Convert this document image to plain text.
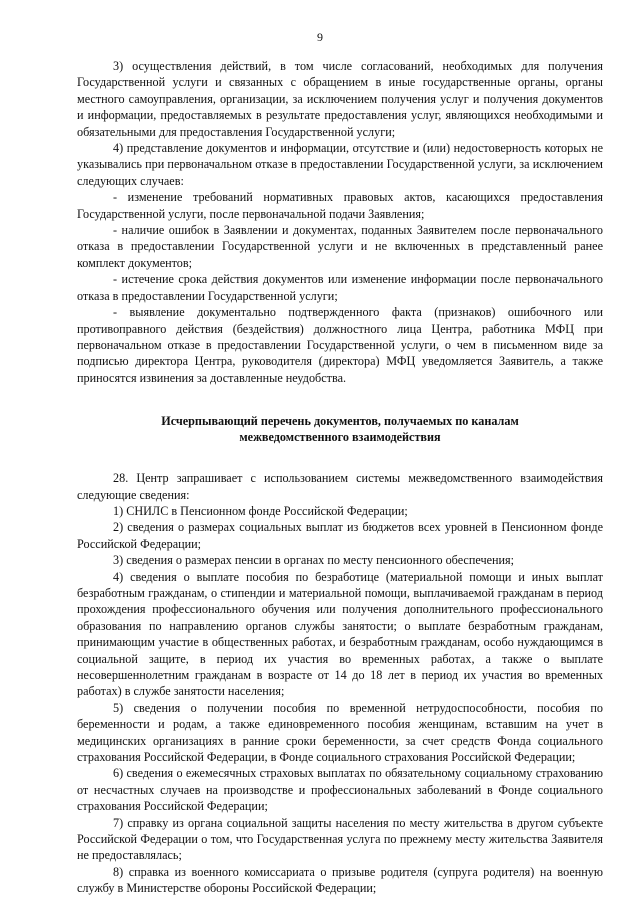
9

3) осуществления действий, в том числе согласований, необходимых для получения Государственной услуги и связанных с обращением в иные государственные органы, органы местного самоуправления, организации, за исключением получения услуг и получения документов и информации, предоставляемых в результате предоставления услуг, являющихся необходимыми и обязательными для предоставления Государственной услуги;

4) представление документов и информации, отсутствие и (или) недостоверность которых не указывались при первоначальном отказе в предоставлении Государственной услуги, за исключением следующих случаев:

- изменение требований нормативных правовых актов, касающихся предоставления Государственной услуги, после первоначальной подачи Заявления;

- наличие ошибок в Заявлении и документах, поданных Заявителем после первоначального отказа в предоставлении Государственной услуги и не включенных в представленный ранее комплект документов;

- истечение срока действия документов или изменение информации после первоначального отказа в предоставлении Государственной услуги;

- выявление документально подтвержденного факта (признаков) ошибочного или противоправного действия (бездействия) должностного лица Центра, работника МФЦ при первоначальном отказе в предоставлении Государственной услуги, о чем в письменном виде за подписью директора Центра, руководителя (директора) МФЦ уведомляется Заявитель, а также приносятся извинения за доставленные неудобства.

Исчерпывающий перечень документов, получаемых по каналам
межведомственного взаимодействия

28. Центр запрашивает с использованием системы межведомственного взаимодействия следующие сведения:

1) СНИЛС в Пенсионном фонде Российской Федерации;

2) сведения о размерах социальных выплат из бюджетов всех уровней в Пенсионном фонде Российской Федерации;

3) сведения о размерах пенсии в органах по месту пенсионного обеспечения;

4) сведения о выплате пособия по безработице (материальной помощи и иных выплат безработным гражданам, о стипендии и материальной помощи, выплачиваемой гражданам в период прохождения профессионального обучения или получения дополнительного профессионального образования по направлению органов службы занятости; о выплате безработным гражданам, принимающим участие в общественных работах, и безработным гражданам, особо нуждающимся в социальной защите, в период их участия во временных работах, а также о выплате несовершеннолетним гражданам в возрасте от 14 до 18 лет в период их участия во временных работах) в службе занятости населения;

5) сведения о получении пособия по временной нетрудоспособности, пособия по беременности и родам, а также единовременного пособия женщинам, вставшим на учет в медицинских организациях в ранние сроки беременности, за счет средств Фонда социального страхования Российской Федерации, в Фонде социального страхования Российской Федерации;

6) сведения о ежемесячных страховых выплатах по обязательному социальному страхованию от несчастных случаев на производстве и профессиональных заболеваний в Фонде социального страхования Российской Федерации;

7) справку из органа социальной защиты населения по месту жительства в другом субъекте Российской Федерации о том, что Государственная услуга по прежнему месту жительства Заявителя не предоставлялась;

8) справка из военного комиссариата о призыве родителя (супруга родителя) на военную службу в Министерстве обороны Российской Федерации;
